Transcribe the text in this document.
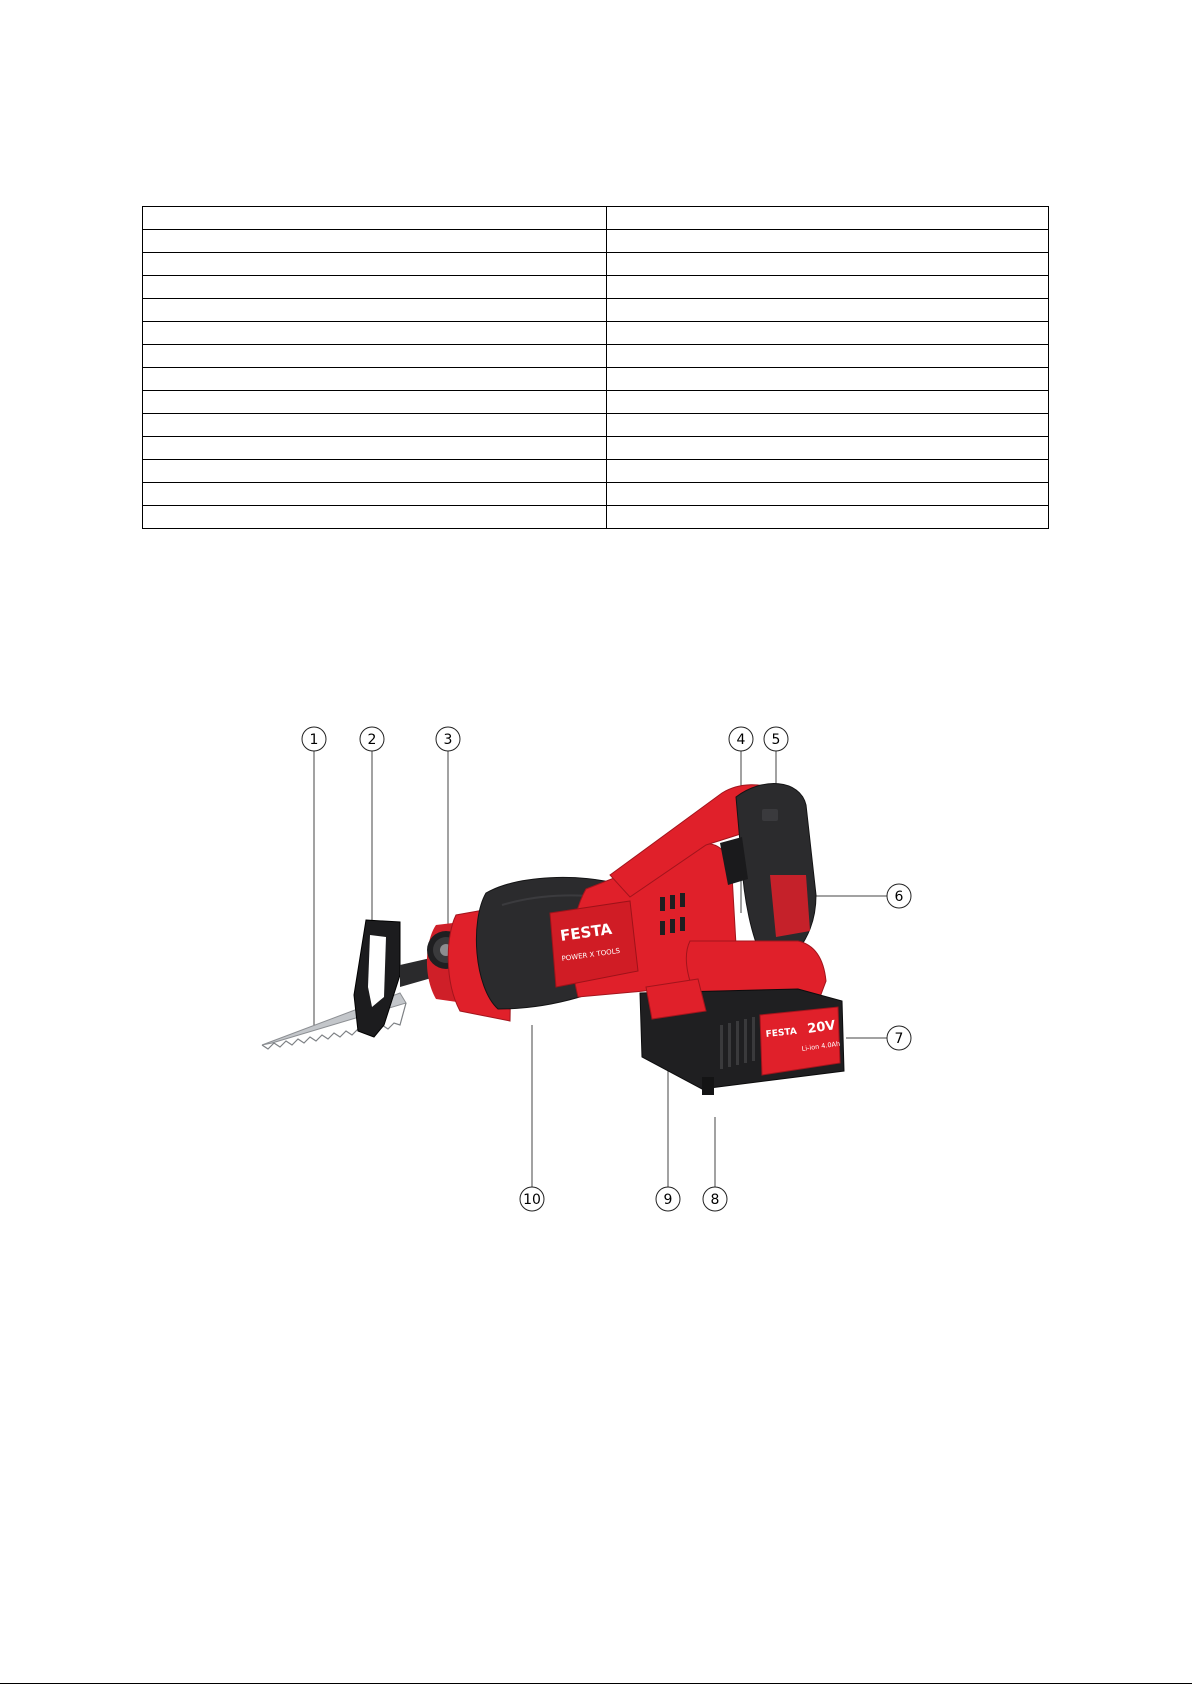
FESTA
POWER X TOOLS
FESTA 20V
Li-ion 4.0Ah
1	2	3	4 5
6
7
8
9
10
